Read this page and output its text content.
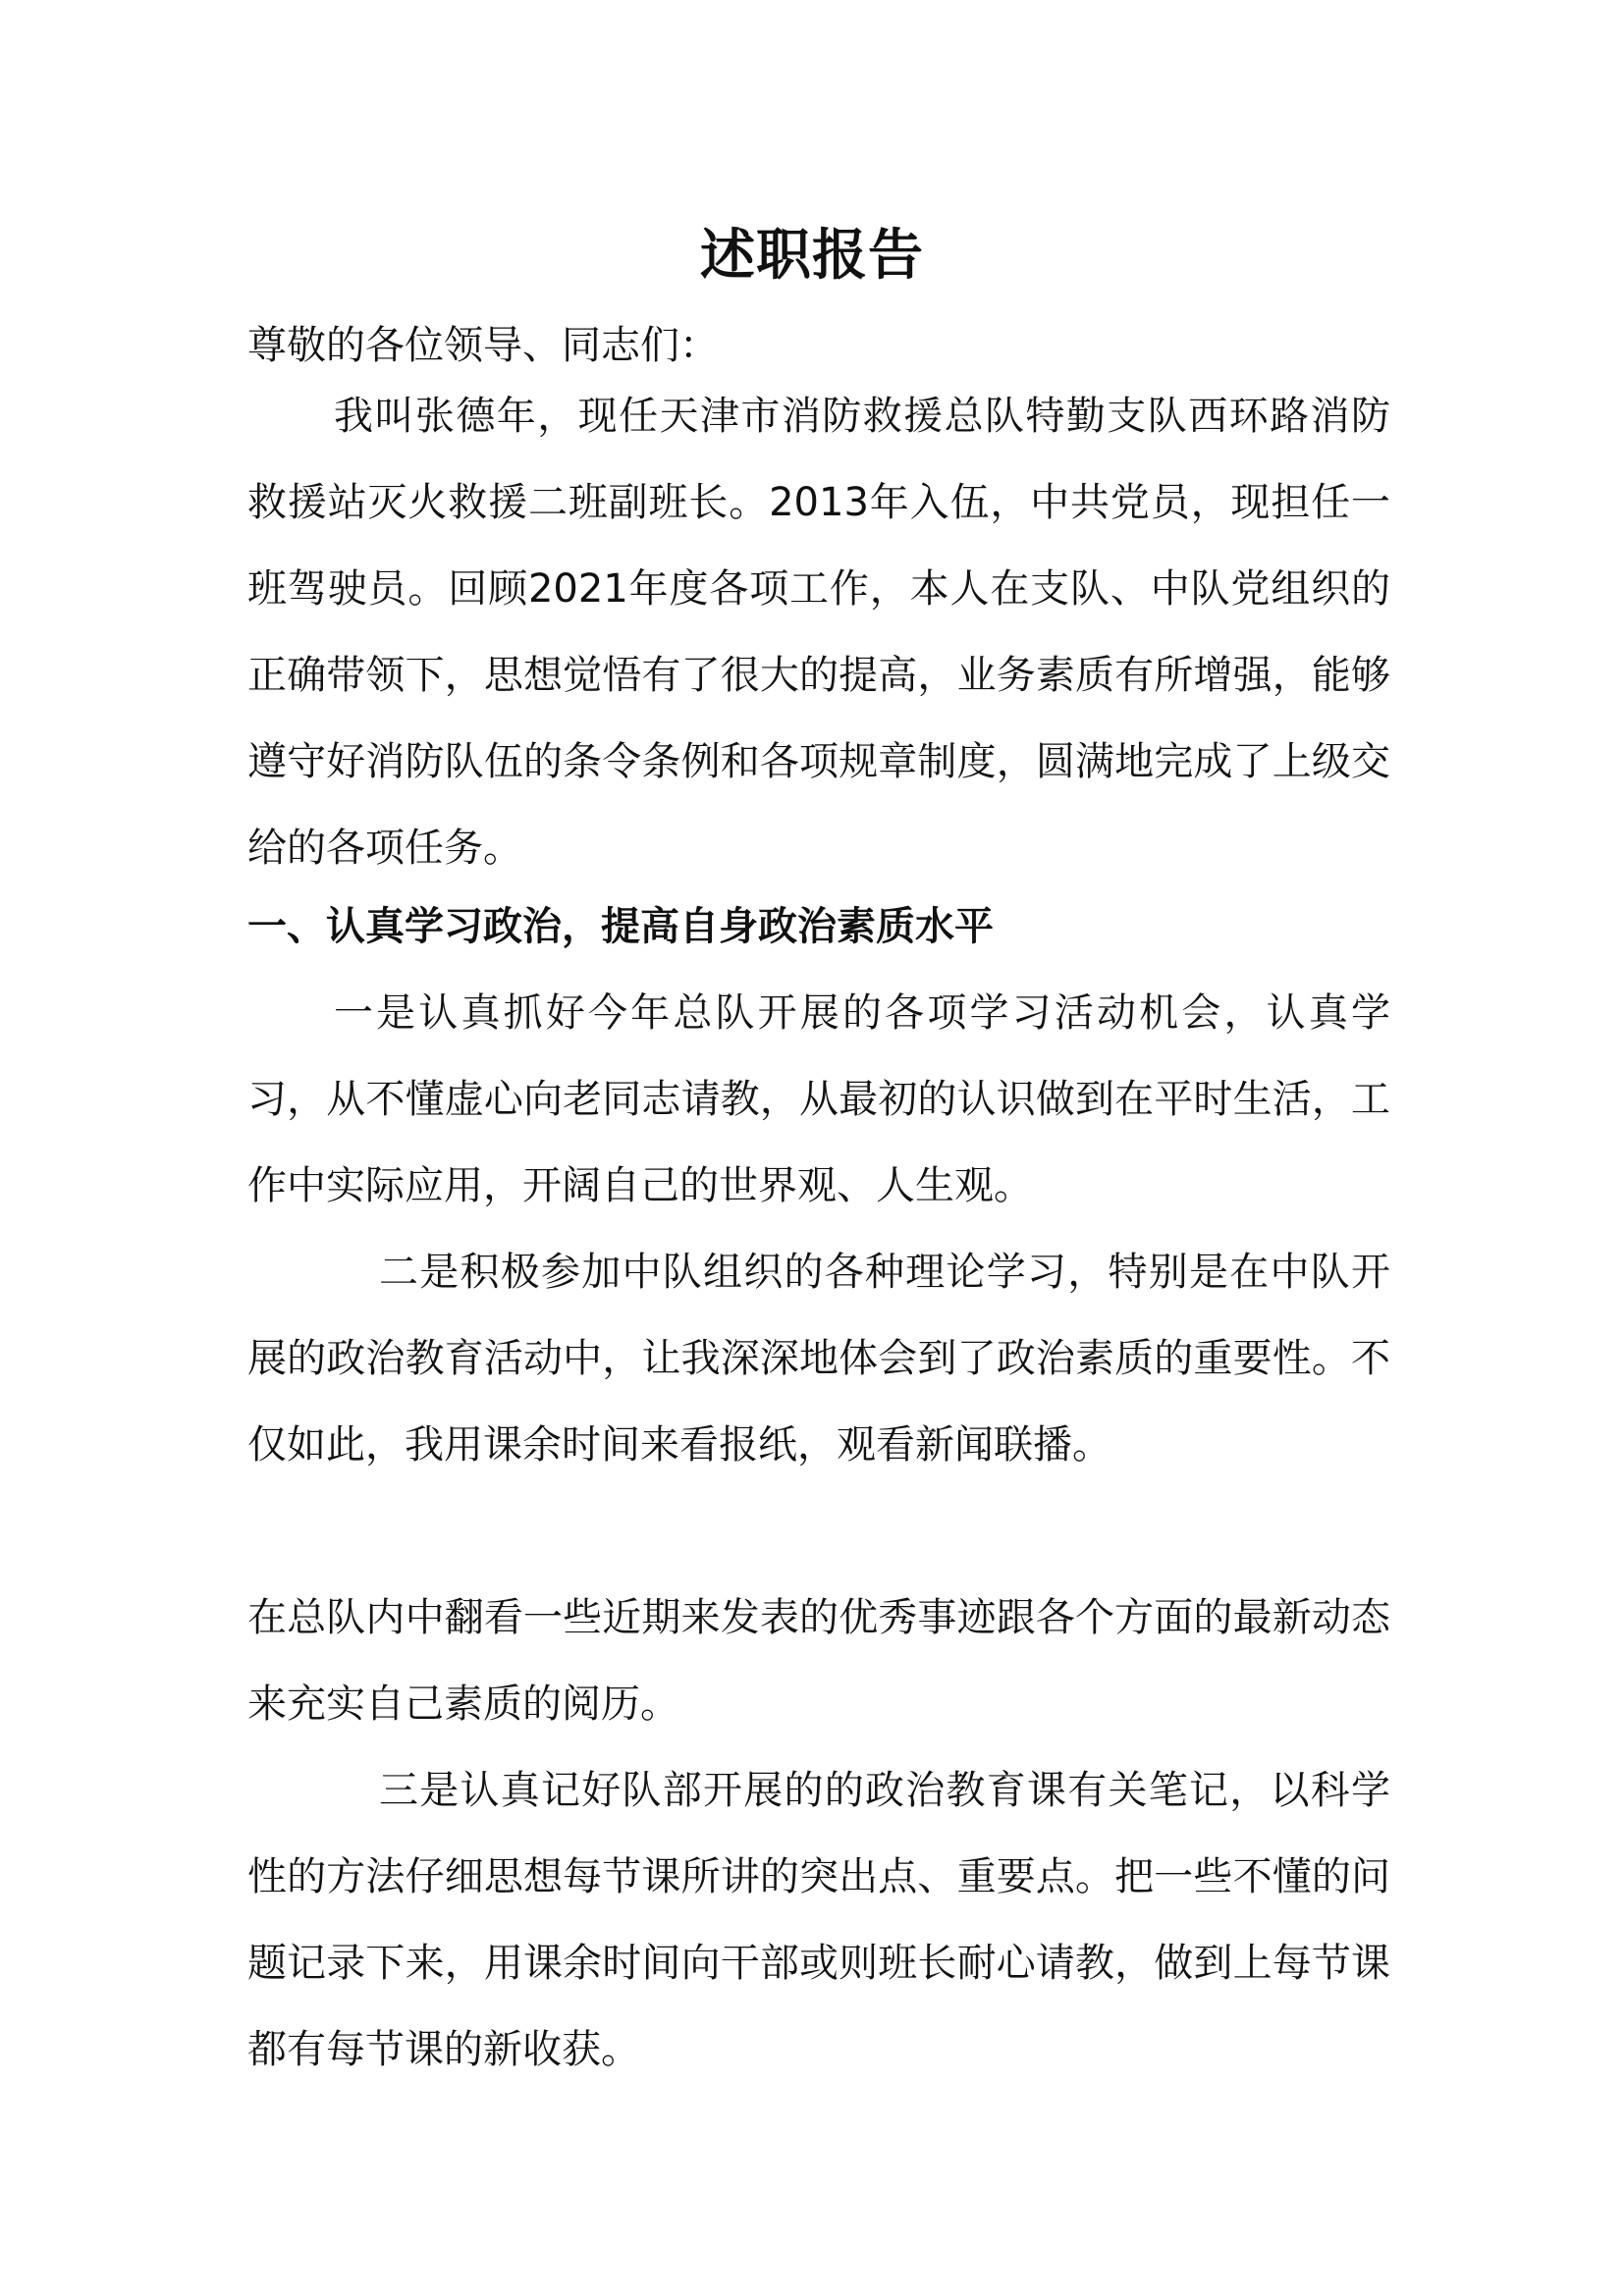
述职报告

尊敬的各位领导、同志们：

我叫张德年，现任天津市消防救援总队特勤支队西环路消防救援站灭火救援二班副班长。2013年入伍，中共党员，现担任一班驾驶员。回顾2021年度各项工作，本人在支队、中队党组织的正确带领下，思想觉悟有了很大的提高，业务素质有所增强，能够遵守好消防队伍的条令条例和各项规章制度，圆满地完成了上级交给的各项任务。

一、认真学习政治，提高自身政治素质水平

一是认真抓好今年总队开展的各项学习活动机会，认真学习，从不懂虚心向老同志请教，从最初的认识做到在平时生活，工作中实际应用，开阔自己的世界观、人生观。

二是积极参加中队组织的各种理论学习，特别是在中队开展的政治教育活动中，让我深深地体会到了政治素质的重要性。不仅如此，我用课余时间来看报纸，观看新闻联播。

在总队内中翻看一些近期来发表的优秀事迹跟各个方面的最新动态来充实自己素质的阅历。

三是认真记好队部开展的的政治教育课有关笔记，以科学性的方法仔细思想每节课所讲的突出点、重要点。把一些不懂的问题记录下来，用课余时间向干部或则班长耐心请教，做到上每节课都有每节课的新收获。
